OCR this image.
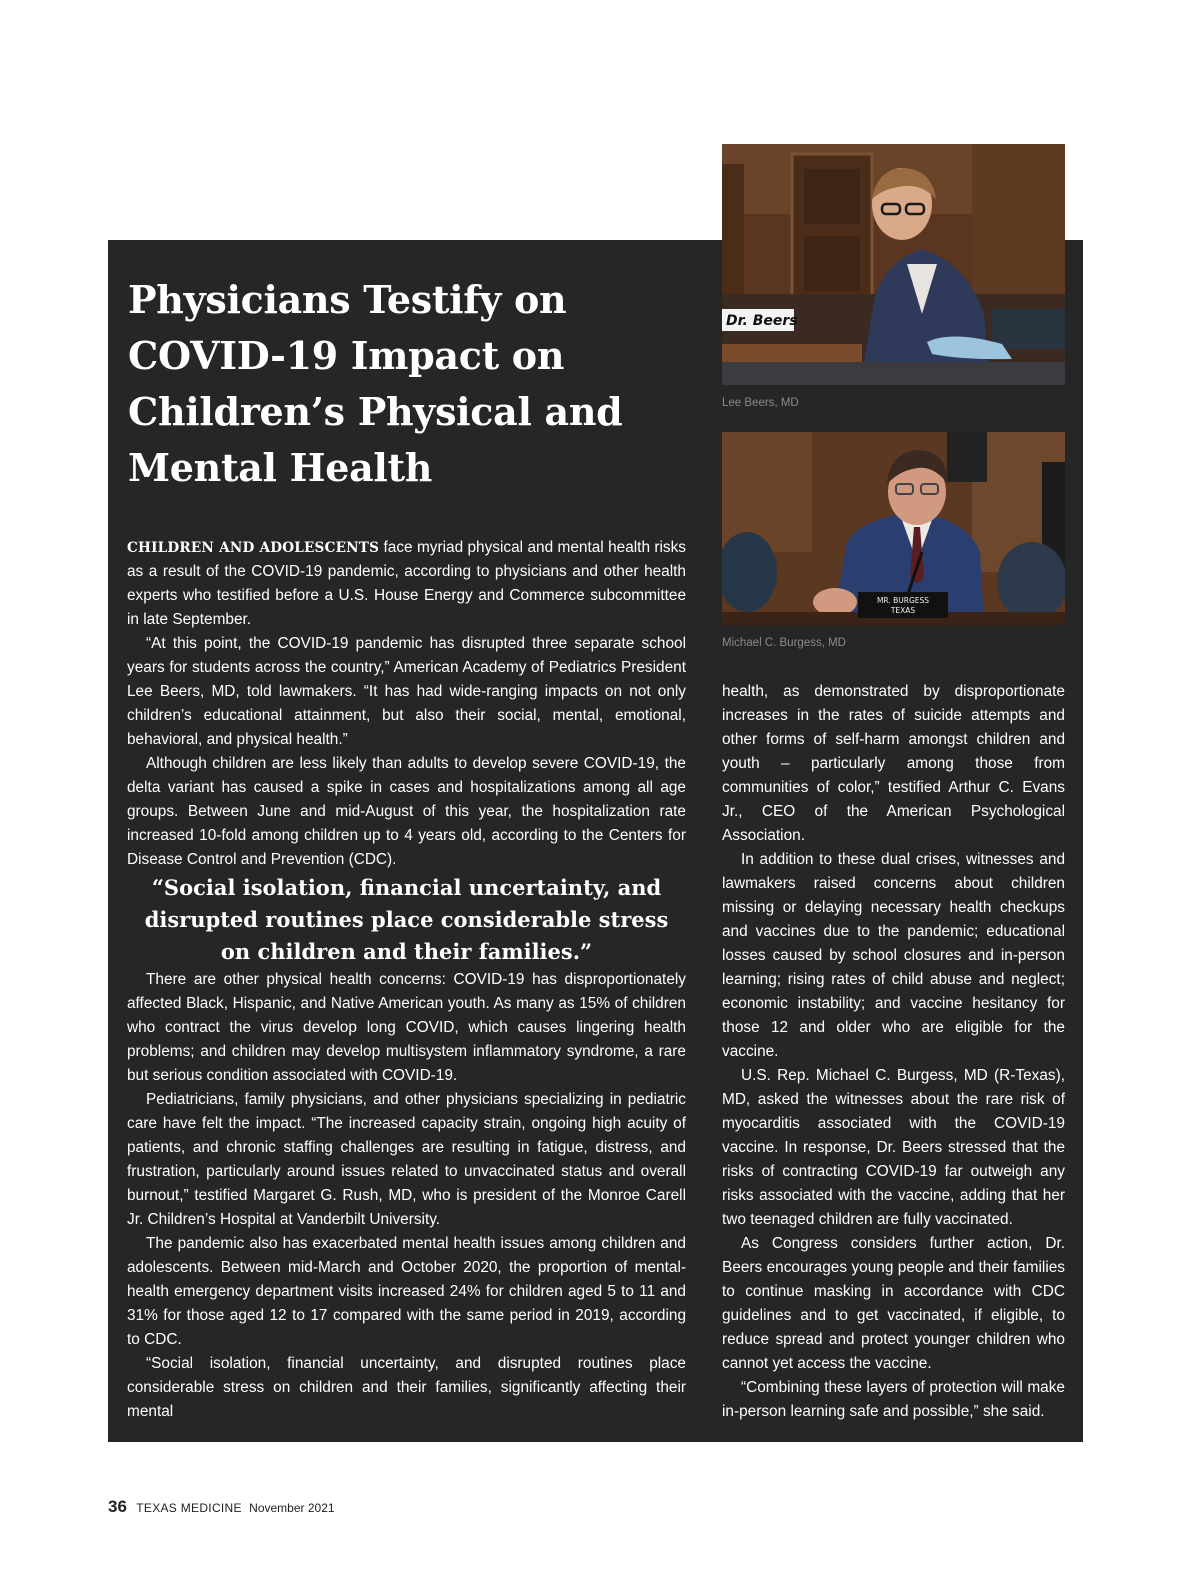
Physicians Testify on COVID-19 Impact on Children’s Physical and Mental Health
Dr. Beers
Lee Beers, MD
MR. BURGESS
TEXAS
Michael C. Burgess, MD

CHILDREN AND ADOLESCENTS face myriad physical and mental health risks as a result of the COVID-19 pandemic, according to physicians and other health experts who testified before a U.S. House Energy and Commerce subcommittee in late September.

“At this point, the COVID-19 pandemic has disrupted three separate school years for students across the country,” American Academy of Pediatrics President Lee Beers, MD, told lawmakers. “It has had wide-ranging impacts on not only children’s educational attainment, but also their social, mental, emotional, behavioral, and physical health.”

Although children are less likely than adults to develop severe COVID-19, the delta variant has caused a spike in cases and hospitalizations among all age groups. Between June and mid-August of this year, the hospitalization rate increased 10-fold among children up to 4 years old, according to the Centers for Disease Control and Prevention (CDC).

“Social isolation, financial uncertainty, and disrupted routines place considerable stress on children and their families.”

There are other physical health concerns: COVID-19 has disproportionately affected Black, Hispanic, and Native American youth. As many as 15% of children who contract the virus develop long COVID, which causes lingering health problems; and children may develop multisystem inflammatory syndrome, a rare but serious condition associated with COVID-19.

Pediatricians, family physicians, and other physicians specializing in pediatric care have felt the impact. “The increased capacity strain, ongoing high acuity of patients, and chronic staffing challenges are resulting in fatigue, distress, and frustration, particularly around issues related to unvaccinated status and overall burnout,” testified Margaret G. Rush, MD, who is president of the Monroe Carell Jr. Children’s Hospital at Vanderbilt University.

The pandemic also has exacerbated mental health issues among children and adolescents. Between mid-March and October 2020, the proportion of mental-health emergency department visits increased 24% for children aged 5 to 11 and 31% for those aged 12 to 17 compared with the same period in 2019, according to CDC.

“Social isolation, financial uncertainty, and disrupted routines place considerable stress on children and their families, significantly affecting their mental

health, as demonstrated by disproportionate increases in the rates of suicide attempts and other forms of self-harm amongst children and youth – particularly among those from communities of color,” testified Arthur C. Evans Jr., CEO of the American Psychological Association.

In addition to these dual crises, witnesses and lawmakers raised concerns about children missing or delaying necessary health checkups and vaccines due to the pandemic; educational losses caused by school closures and in-person learning; rising rates of child abuse and neglect; economic instability; and vaccine hesitancy for those 12 and older who are eligible for the vaccine.

U.S. Rep. Michael C. Burgess, MD (R-Texas), MD, asked the witnesses about the rare risk of myocarditis associated with the COVID-19 vaccine. In response, Dr. Beers stressed that the risks of contracting COVID-19 far outweigh any risks associated with the vaccine, adding that her two teenaged children are fully vaccinated.

As Congress considers further action, Dr. Beers encourages young people and their families to continue masking in accordance with CDC guidelines and to get vaccinated, if eligible, to reduce spread and protect younger children who cannot yet access the vaccine.

“Combining these layers of protection will make in-person learning safe and possible,” she said.

36 TEXAS MEDICINE November 2021
